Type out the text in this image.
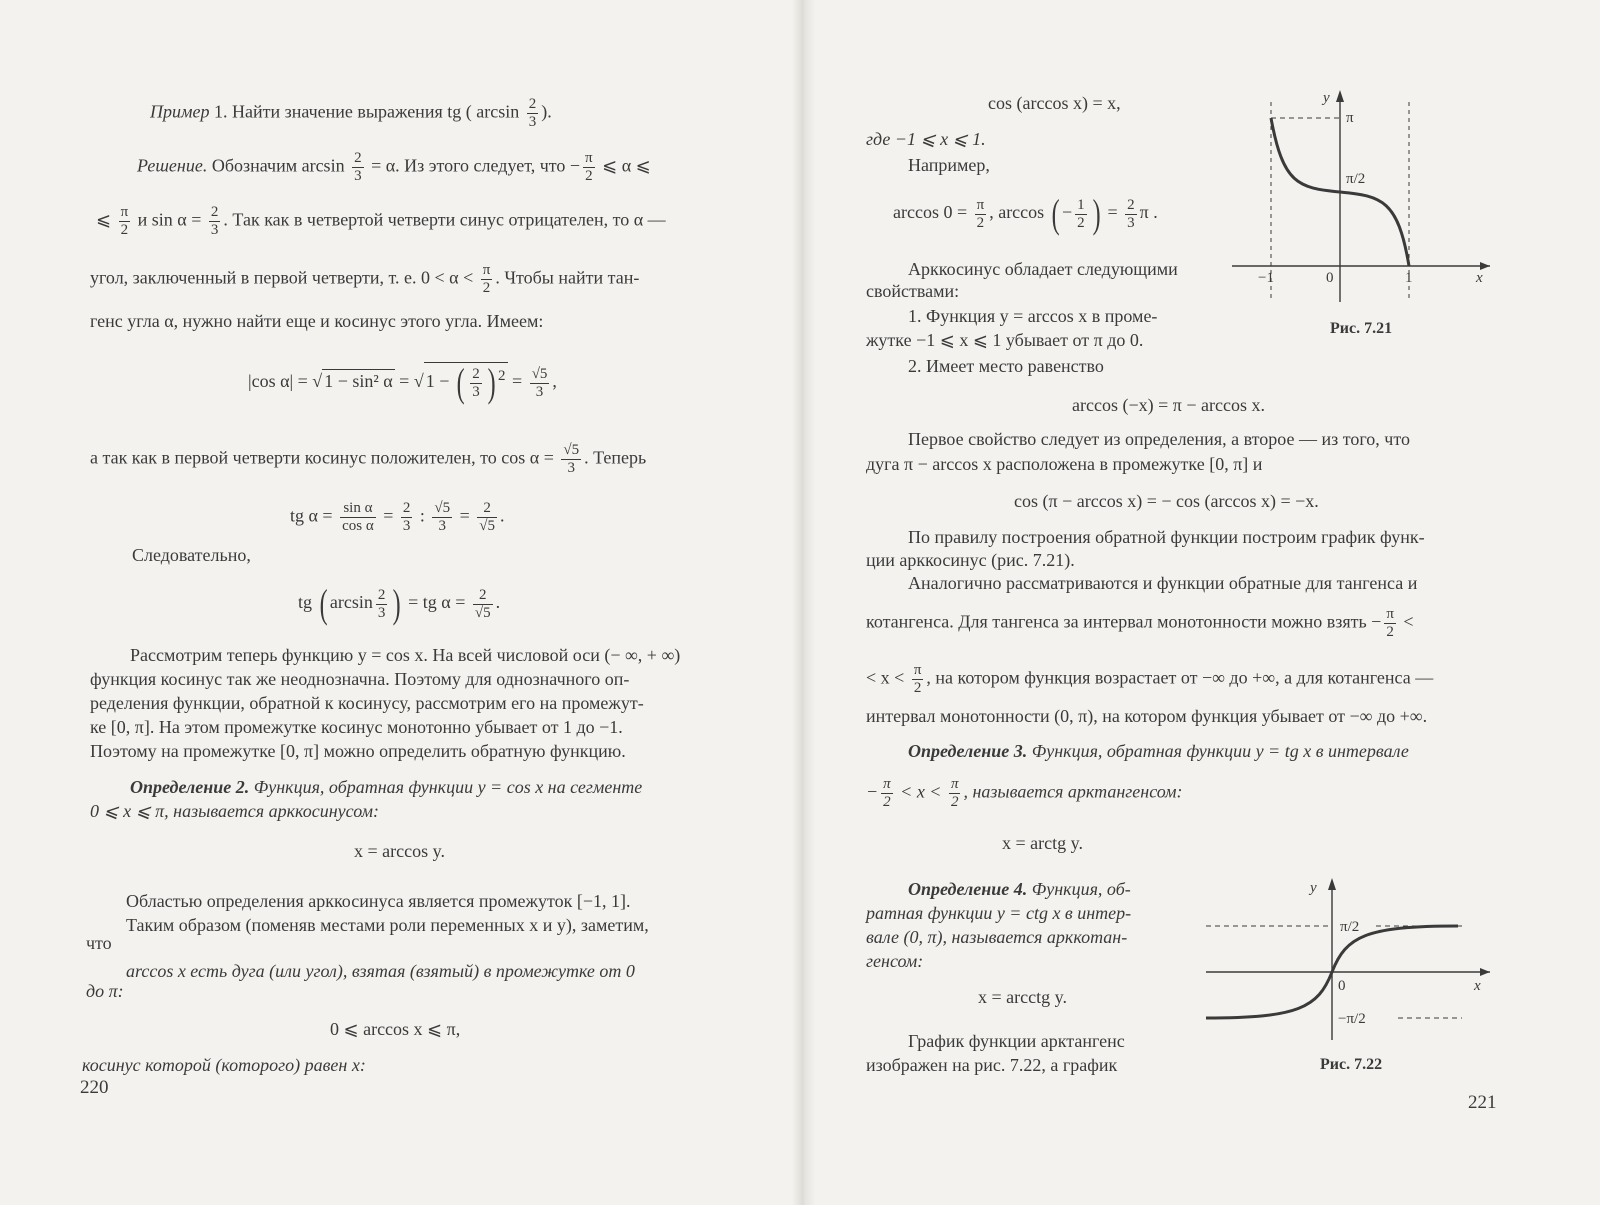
Пример 1. Найти значение выражения tg ( $\arcsin \frac{2}{3}$ ).
Решение. Обозначим $\arcsin \frac{2}{3} = \alpha$. Из этого следует, что − $\frac{\pi}{2}$ ⩽ α ⩽
⩽ $\frac{\pi}{2}$ и $\sin \alpha = \frac{2}{3}$ . Так как в четвертой четверти синус отрицателен, то α —
угол, заключенный в первой четверти, т. е. $0 < \alpha < \frac{\pi}{2}$ . Чтобы найти тан-
генс угла α, нужно найти еще и косинус этого угла. Имеем:
|cos α| = √ 1 − sin² α = √ 1 − ( $\frac{2}{3}$ ) $^2 = \frac{√5}{3}$ ,
а так как в первой четверти косинус положителен, то $\cos \alpha = \frac{√5}{3}$ . Теперь
tg $\alpha = \frac{\text{sin α}}{\text{cos α}} = \frac{2}{3}$ : $\frac{√5}{3} = \frac{2}{√5}$ .
Следовательно,
tg ( $\arcsin \frac{2}{3}$ ) = tg $\alpha = \frac{2}{√5}$ .
Рассмотрим теперь функцию y = cos x. На всей числовой оси (− ∞, + ∞)
функция косинус так же неоднозначна. Поэтому для однозначного оп-
ределения функции, обратной к косинусу, рассмотрим его на промежут-
ке [0, π]. На этом промежутке косинус монотонно убывает от 1 до −1.
Поэтому на промежутке [0, π] можно определить обратную функцию.
Определение 2. Функция, обратная функции y = cos x на сегменте
0 ⩽ x ⩽ π, называется арккосинусом:
x = arccos y.
Областью определения арккосинуса является промежуток [−1, 1].
Таким образом (поменяв местами роли переменных x и y), заметим,
что
arccos x есть дуга (или угол), взятая (взятый) в промежутке от 0
до π:
0 ⩽ arccos x ⩽ π,
косинус которой (которого) равен x:
220
cos (arccos x) = x,
где −1 ⩽ x ⩽ 1.
Например,
$\arccos 0 = \frac{\pi}{2}$ , arccos ( − $\frac{1}{2}$ ) = $\frac{2}{3}$ π .
Арккосинус обладает следующими
свойствами:
1. Функция y = arccos x в проме-
жутке −1 ⩽ x ⩽ 1 убывает от π до 0.
2. Имеет место равенство
arccos (−x) = π − arccos x.
Первое свойство следует из определения, а второе — из того, что
дуга π − arccos x расположена в промежутке [0, π] и
cos (π − arccos x) = − cos (arccos x) = −x.
По правилу построения обратной функции построим график функ-
ции арккосинус (рис. 7.21).
Аналогично рассматриваются и функции обратные для тангенса и
котангенса. Для тангенса за интервал монотонности можно взять − $\frac{\pi}{2}$ <
< $x < \frac{\pi}{2}$ , на котором функция возрастает от −∞ до +∞, а для котангенса —
интервал монотонности (0, π), на котором функция убывает от −∞ до +∞.
Определение 3. Функция, обратная функции y = tg x в интервале
− $\frac{\pi}{2} < x < \frac{\pi}{2}$ , называется арктангенсом:
x = arctg y.
Определение 4. Функция, об-
ратная функции y = ctg x в интер-
вале (0, π), называется арккотан-
генсом:
x = arcctg y.
График функции арктангенс
изображен на рис. 7.22, а график
221
y
π
π/2
−1	0	1	x
Рис. 7.21
y
π/2
0
−π/2
x
Рис. 7.22
